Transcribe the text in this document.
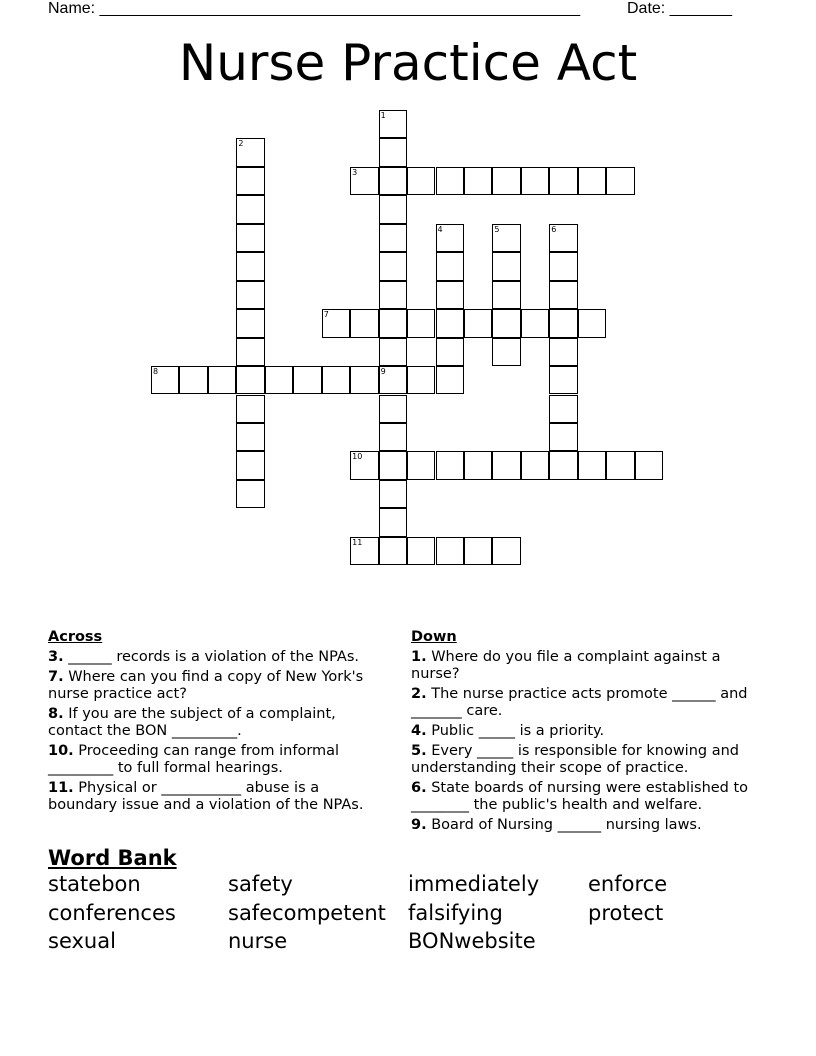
Name: ______________________________________________________	Date: _______
Nurse Practice Act
1
9
2
3
4	5	6
7
8
10
11
Across
3. ______ records is a violation of the NPAs.
7. Where can you find a copy of New York's nurse practice act?
8. If you are the subject of a complaint, contact the BON _________.
10. Proceeding can range from informal _________ to full formal hearings.
11. Physical or ___________ abuse is a boundary issue and a violation of the NPAs.
Down
1. Where do you file a complaint against a nurse?
2. The nurse practice acts promote ______ and _______ care.
4. Public _____ is a priority.
5. Every _____ is responsible for knowing and understanding their scope of practice.
6. State boards of nursing were established to ________ the public's health and welfare.
9. Board of Nursing ______ nursing laws.
Word Bank
statebon	safety	immediately	enforce
conferences	safecompetent	falsifying	protect
sexual	nurse	BONwebsite
